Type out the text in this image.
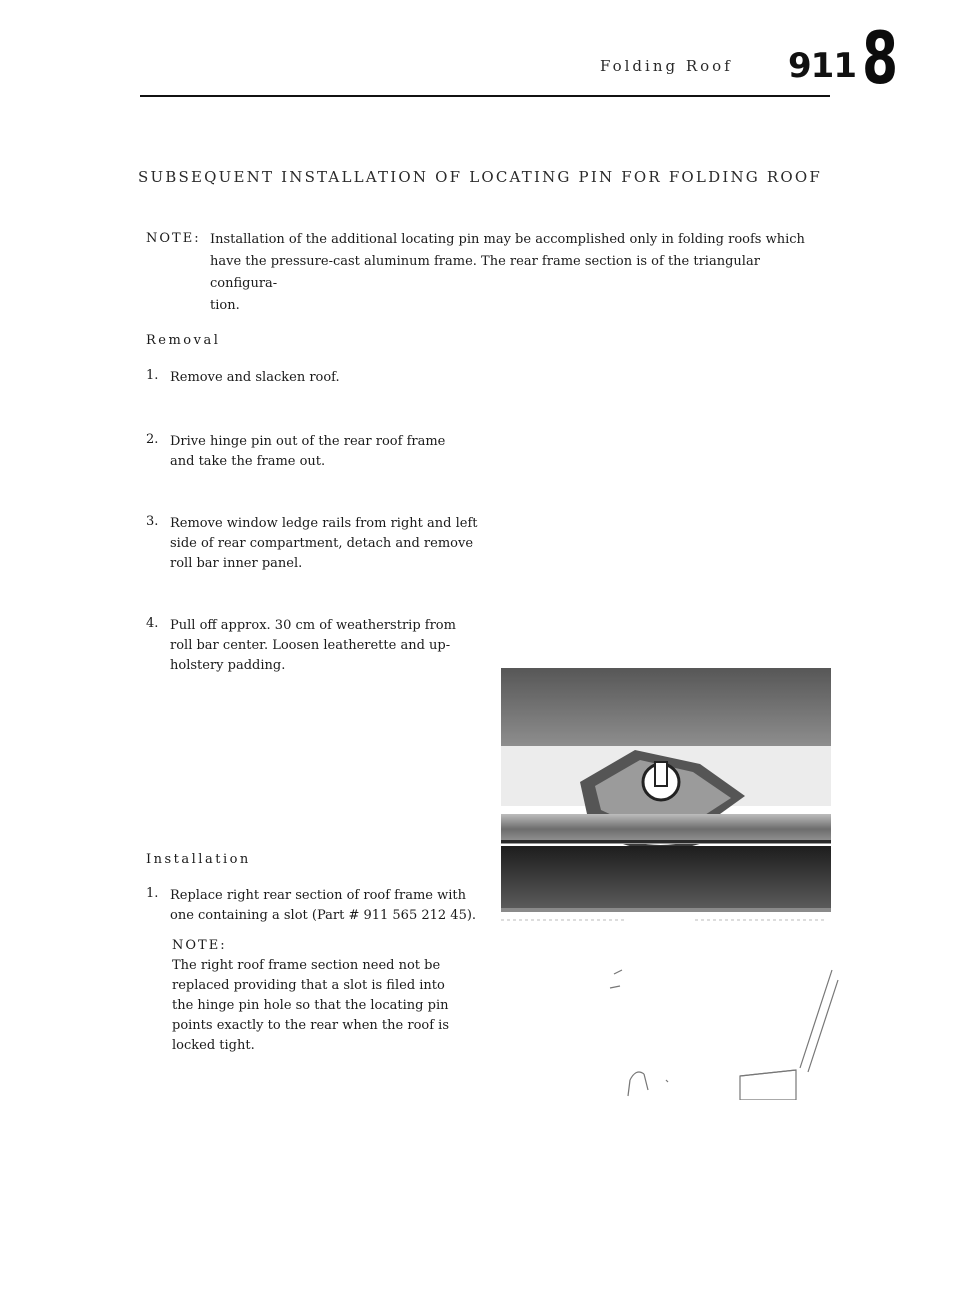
Folding Roof 911 8
SUBSEQUENT INSTALLATION OF LOCATING PIN FOR FOLDING ROOF
NOTE: Installation of the additional locating pin may be accomplished only in folding roofs which
have the pressure-cast aluminum frame. The rear frame section is of the triangular configura-
tion.
Removal
1. Remove and slacken roof.
2. Drive hinge pin out of the rear roof frame
and take the frame out.
3. Remove window ledge rails from right and left
side of rear compartment, detach and remove
roll bar inner panel.
4. Pull off approx. 30 cm of weatherstrip from
roll bar center. Loosen leatherette and up-
holstery padding.
Installation
1. Replace right rear section of roof frame with
one containing a slot (Part # 911 565 212 45).
NOTE:
The right roof frame section need not be
replaced providing that a slot is filed into
the hinge pin hole so that the locating pin
points exactly to the rear when the roof is
locked tight.
